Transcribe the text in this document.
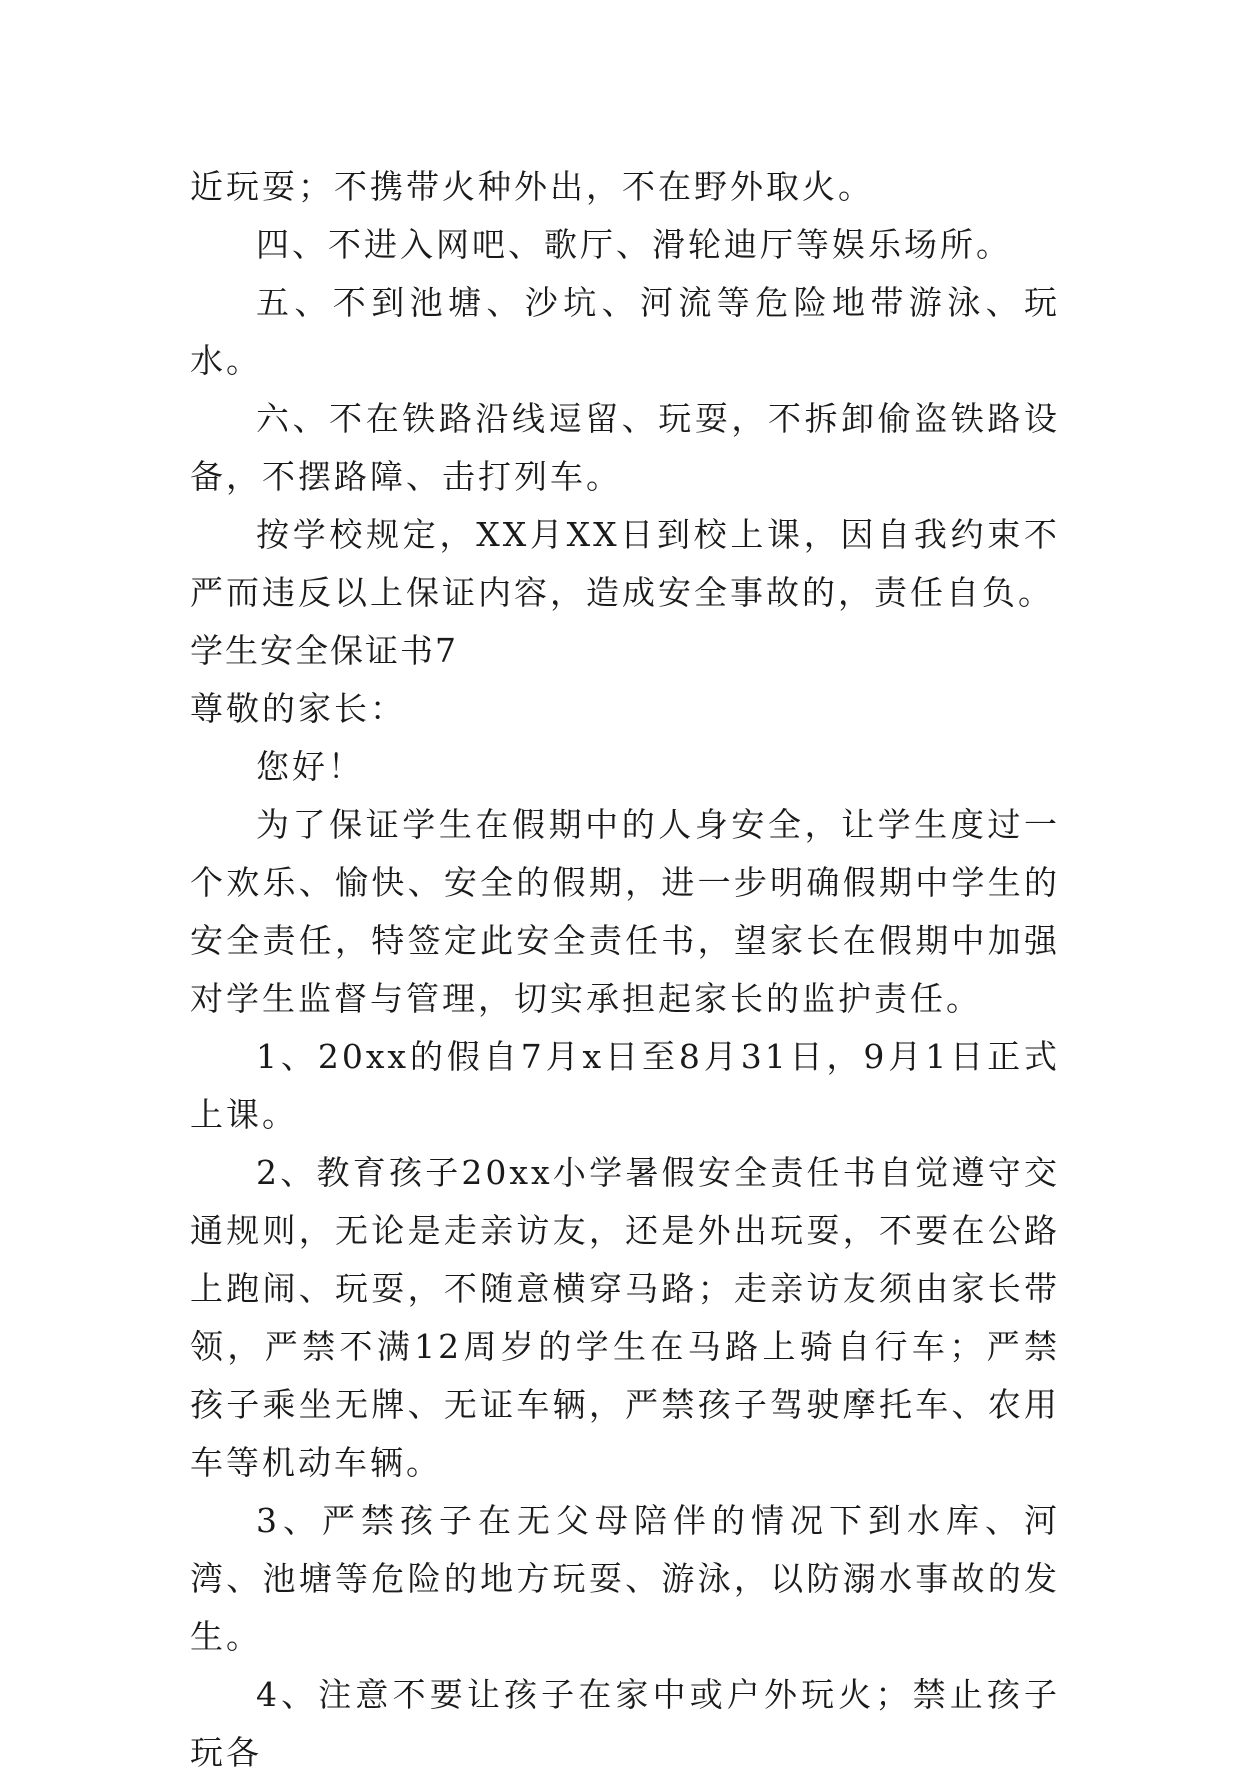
近玩耍；不携带火种外出，不在野外取火。

四、不进入网吧、歌厅、滑轮迪厅等娱乐场所。

五、不到池塘、沙坑、河流等危险地带游泳、玩水。

六、不在铁路沿线逗留、玩耍，不拆卸偷盗铁路设备，不摆路障、击打列车。

按学校规定，XX月XX日到校上课，因自我约束不严而违反以上保证内容，造成安全事故的，责任自负。

学生安全保证书7

尊敬的家长：

您好！

为了保证学生在假期中的人身安全，让学生度过一个欢乐、愉快、安全的假期，进一步明确假期中学生的安全责任，特签定此安全责任书，望家长在假期中加强对学生监督与管理，切实承担起家长的监护责任。

1、20xx的假自7月x日至8月31日，9月1日正式上课。

2、教育孩子20xx小学暑假安全责任书自觉遵守交通规则，无论是走亲访友，还是外出玩耍，不要在公路上跑闹、玩耍，不随意横穿马路；走亲访友须由家长带领，严禁不满12周岁的学生在马路上骑自行车；严禁孩子乘坐无牌、无证车辆，严禁孩子驾驶摩托车、农用车等机动车辆。

3、严禁孩子在无父母陪伴的情况下到水库、河湾、池塘等危险的地方玩耍、游泳，以防溺水事故的发生。

4、注意不要让孩子在家中或户外玩火；禁止孩子玩各
